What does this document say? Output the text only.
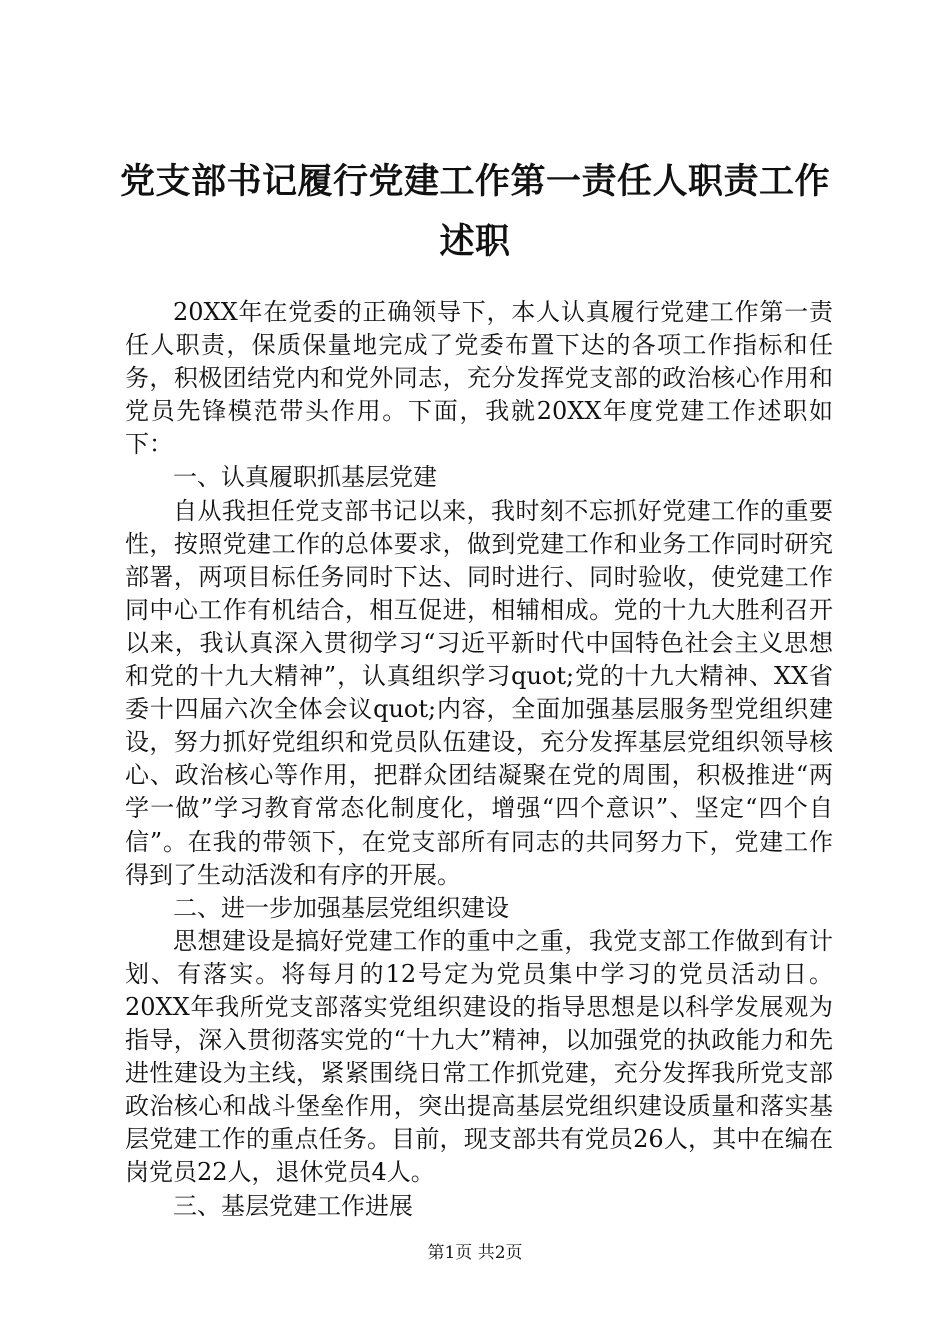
党支部书记履行党建工作第一责任人职责工作
述职

20XX年在党委的正确领导下，本人认真履行党建工作第一责任人职责，保质保量地完成了党委布置下达的各项工作指标和任务，积极团结党内和党外同志，充分发挥党支部的政治核心作用和党员先锋模范带头作用。下面，我就20XX年度党建工作述职如下：

一、认真履职抓基层党建

自从我担任党支部书记以来，我时刻不忘抓好党建工作的重要性，按照党建工作的总体要求，做到党建工作和业务工作同时研究部署，两项目标任务同时下达、同时进行、同时验收，使党建工作同中心工作有机结合，相互促进，相辅相成。党的十九大胜利召开以来，我认真深入贯彻学习“习近平新时代中国特色社会主义思想和党的十九大精神”，认真组织学习quot;党的十九大精神、XX省委十四届六次全体会议quot;内容，全面加强基层服务型党组织建设，努力抓好党组织和党员队伍建设，充分发挥基层党组织领导核心、政治核心等作用，把群众团结凝聚在党的周围，积极推进“两学一做”学习教育常态化制度化，增强“四个意识”、坚定“四个自信”。在我的带领下，在党支部所有同志的共同努力下，党建工作得到了生动活泼和有序的开展。

二、进一步加强基层党组织建设

思想建设是搞好党建工作的重中之重，我党支部工作做到有计划、有落实。将每月的12号定为党员集中学习的党员活动日。20XX年我所党支部落实党组织建设的指导思想是以科学发展观为指导，深入贯彻落实党的“十九大”精神，以加强党的执政能力和先进性建设为主线，紧紧围绕日常工作抓党建，充分发挥我所党支部政治核心和战斗堡垒作用，突出提高基层党组织建设质量和落实基层党建工作的重点任务。目前，现支部共有党员26人，其中在编在岗党员22人，退休党员4人。

三、基层党建工作进展

第1页 共2页
